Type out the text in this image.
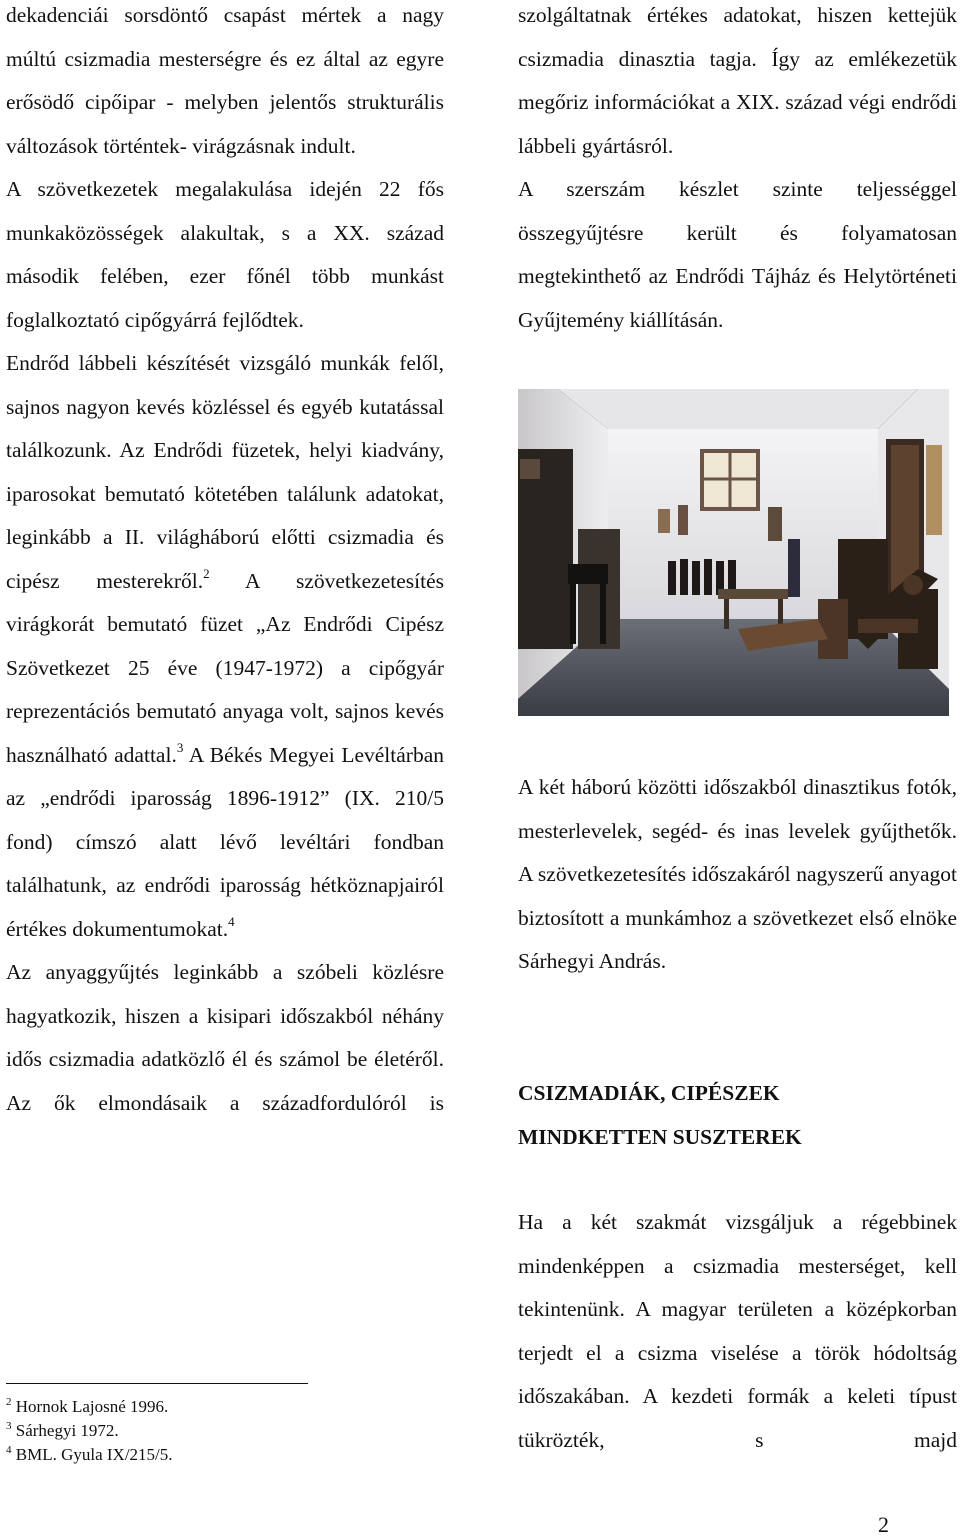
dekadenciái sorsdöntő csapást mértek a nagy múltú csizmadia mesterségre és ez által az egyre erősödő cipőipar - melyben jelentős strukturális változások történtek- virágzásnak indult.

A szövetkezetek megalakulása idején 22 fős munkaközösségek alakultak, s a XX. század második felében, ezer főnél több munkást foglalkoztató cipőgyárrá fejlődtek.

Endrőd lábbeli készítését vizsgáló munkák felől, sajnos nagyon kevés közléssel és egyéb kutatással találkozunk. Az Endrődi füzetek, helyi kiadvány, iparosokat bemutató kötetében találunk adatokat, leginkább a II. világháború előtti csizmadia és cipész mesterekről.$^2$ A szövetkezetesítés virágkorát bemutató füzet „Az Endrődi Cipész Szövetkezet 25 éve (1947-1972) a cipőgyár reprezentációs bemutató anyaga volt, sajnos kevés használható adattal.$^3$ A Békés Megyei Levéltárban az „endrődi iparosság 1896-1912” (IX. 210/5 fond) címszó alatt lévő levéltári fondban találhatunk, az endrődi iparosság hétköznapjairól értékes dokumentumokat.$^4$

Az anyaggyűjtés leginkább a szóbeli közlésre hagyatkozik, hiszen a kisipari időszakból néhány idős csizmadia adatközlő él és számol be életéről. Az ők elmondásaik a századfordulóról is

$^2$ Hornok Lajosné 1996.
$^3$ Sárhegyi 1972.
$^4$ BML. Gyula IX/215/5.

szolgáltatnak értékes adatokat, hiszen kettejük csizmadia dinasztia tagja. Így az emlékezetük megőriz információkat a XIX. század végi endrődi lábbeli gyártásról.

A szerszám készlet szinte teljességgel összegyűjtésre került és folyamatosan megtekinthető az Endrődi Tájház és Helytörténeti Gyűjtemény kiállításán.

A két háború közötti időszakból dinasztikus fotók, mesterlevelek, segéd- és inas levelek gyűjthetők. A szövetkezetesítés időszakáról nagyszerű anyagot biztosított a munkámhoz a szövetkezet első elnöke Sárhegyi András.

CSIZMADIÁK, CIPÉSZEK
MINDKETTEN SUSZTEREK

Ha a két szakmát vizsgáljuk a régebbinek mindenképpen a csizmadia mesterséget, kell tekintenünk. A magyar területen a középkorban terjedt el a csizma viselése a török hódoltság időszakában. A kezdeti formák a keleti típust tükrözték, s majd

2
